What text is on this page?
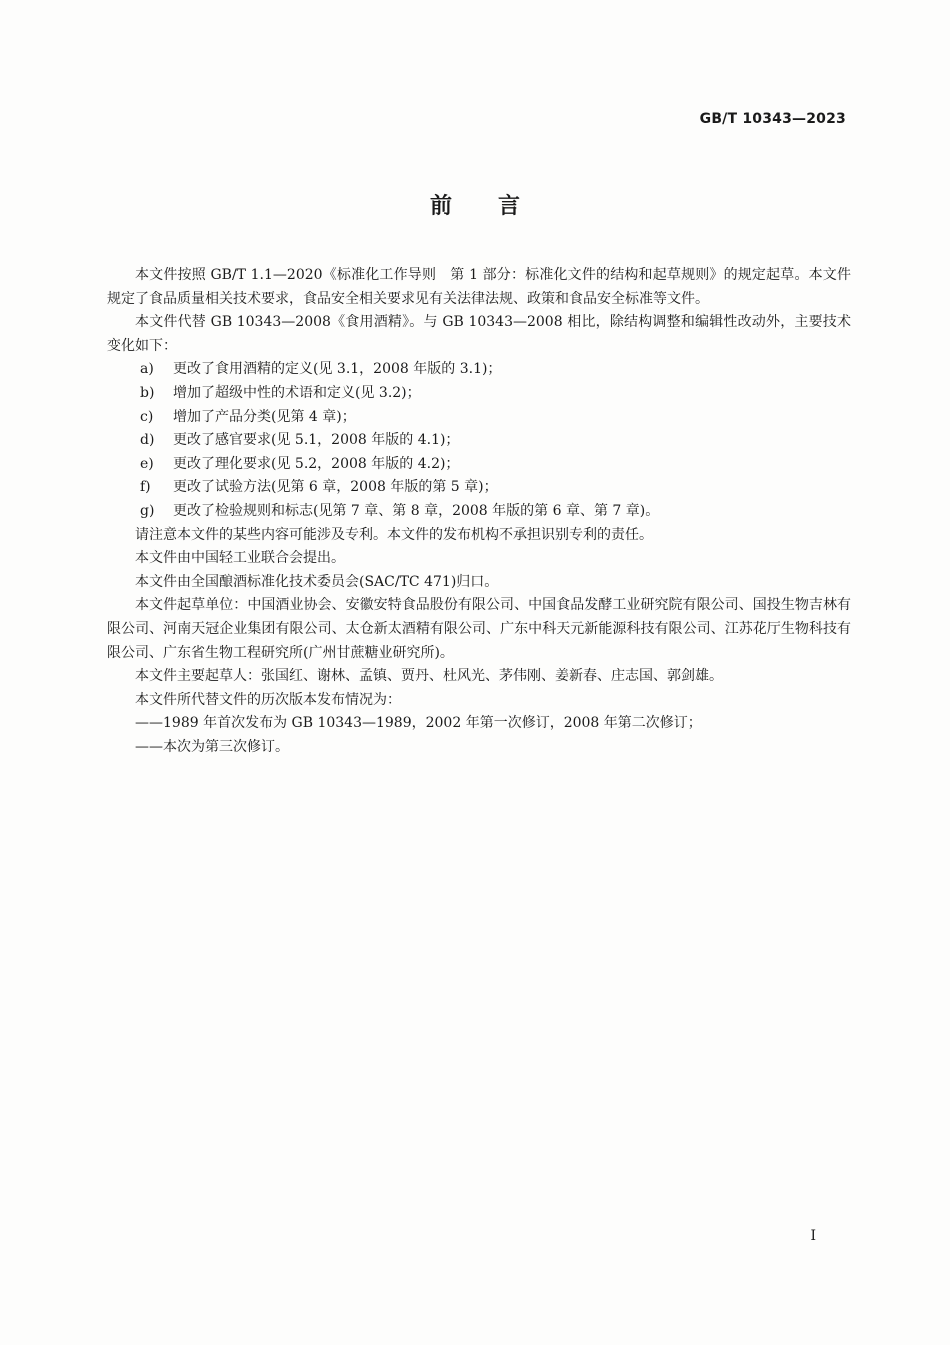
GB/T 10343—2023
前言

本文件按照 GB/T 1.1—2020《标准化工作导则　第 1 部分：标准化文件的结构和起草规则》的规定起草。本文件规定了食品质量相关技术要求，食品安全相关要求见有关法律法规、政策和食品安全标准等文件。

本文件代替 GB 10343—2008《食用酒精》。与 GB 10343—2008 相比，除结构调整和编辑性改动外，主要技术变化如下：

a)	更改了食用酒精的定义(见 3.1，2008 年版的 3.1)；
b)	增加了超级中性的术语和定义(见 3.2)；
c)	增加了产品分类(见第 4 章)；
d)	更改了感官要求(见 5.1，2008 年版的 4.1)；
e)	更改了理化要求(见 5.2，2008 年版的 4.2)；
f)	更改了试验方法(见第 6 章，2008 年版的第 5 章)；
g)	更改了检验规则和标志(见第 7 章、第 8 章，2008 年版的第 6 章、第 7 章)。

请注意本文件的某些内容可能涉及专利。本文件的发布机构不承担识别专利的责任。

本文件由中国轻工业联合会提出。

本文件由全国酿酒标准化技术委员会(SAC/TC 471)归口。

本文件起草单位：中国酒业协会、安徽安特食品股份有限公司、中国食品发酵工业研究院有限公司、国投生物吉林有限公司、河南天冠企业集团有限公司、太仓新太酒精有限公司、广东中科天元新能源科技有限公司、江苏花厅生物科技有限公司、广东省生物工程研究所(广州甘蔗糖业研究所)。

本文件主要起草人：张国红、谢林、孟镇、贾丹、杜风光、茅伟刚、姜新春、庄志国、郭剑雄。

本文件所代替文件的历次版本发布情况为：

——1989 年首次发布为 GB 10343—1989，2002 年第一次修订，2008 年第二次修订；
——本次为第三次修订。
I
